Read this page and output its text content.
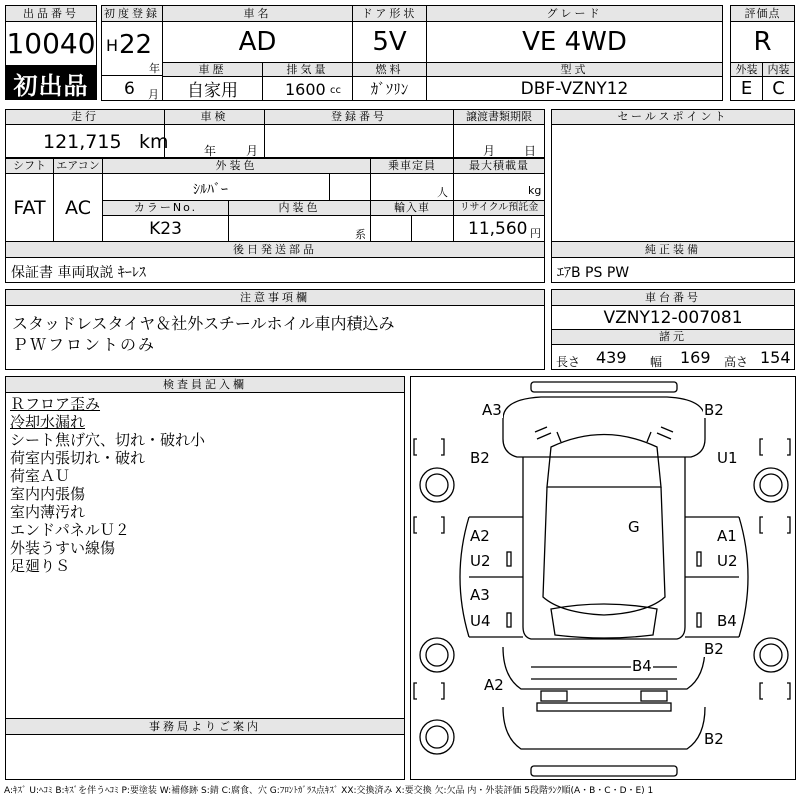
出品番号
10040
初出品
初度登録
H 22
年
6 月
車名
AD
ドア形状
5V
グレード
VE 4WD
車歴
自家用
排気量
1600 cc
燃料
ｶﾞｿﾘﾝ
型式
DBF-VZNY12
評価点
R
外装 内装
E	C
走行
121,715 km
車検
年 月
登録番号	譲渡書類期限
月 日
シフト エアコン
FAT	AC
外装色
ｼﾙﾊﾞｰ
乗車定員
人
最大積載量
kg
カラーNo.
K23
内装色
系
輸入車	リサイクル預託金
11,560 円
後日発送部品
保証書 車両取説 ｷｰﾚｽ
セールスポイント
純正装備
ｴｱB PS PW
注意事項欄
スタッドレスタイヤ＆社外スチールホイル車内積込み
ＰＷフロントのみ
車台番号
VZNY12-007081
諸元
長さ 439 幅 169 高さ 154
検査員記入欄
Ｒフロア歪み
冷却水漏れ
シート焦げ穴、切れ・破れ小
荷室内張切れ・破れ
荷室ＡＵ
室内内張傷
室内薄汚れ
エンドパネルＵ２
外装うすい線傷
足廻りＳ
事務局よりご案内
A3	B2
B2	U1
G
A2
U2
A1
U2
A3
U4	B4
B2
B4
A2
B2
A:ｷｽﾞ U:ﾍｺﾐ B:ｷｽﾞを伴うﾍｺﾐ P:要塗装 W:補修跡 S:錆 C:腐食、穴 G:ﾌﾛﾝﾄｶﾞﾗｽ点ｷｽﾞ XX:交換済み X:要交換 欠:欠品 内・外装評価 5段階ﾗﾝｸ順(A・B・C・D・E) 1
